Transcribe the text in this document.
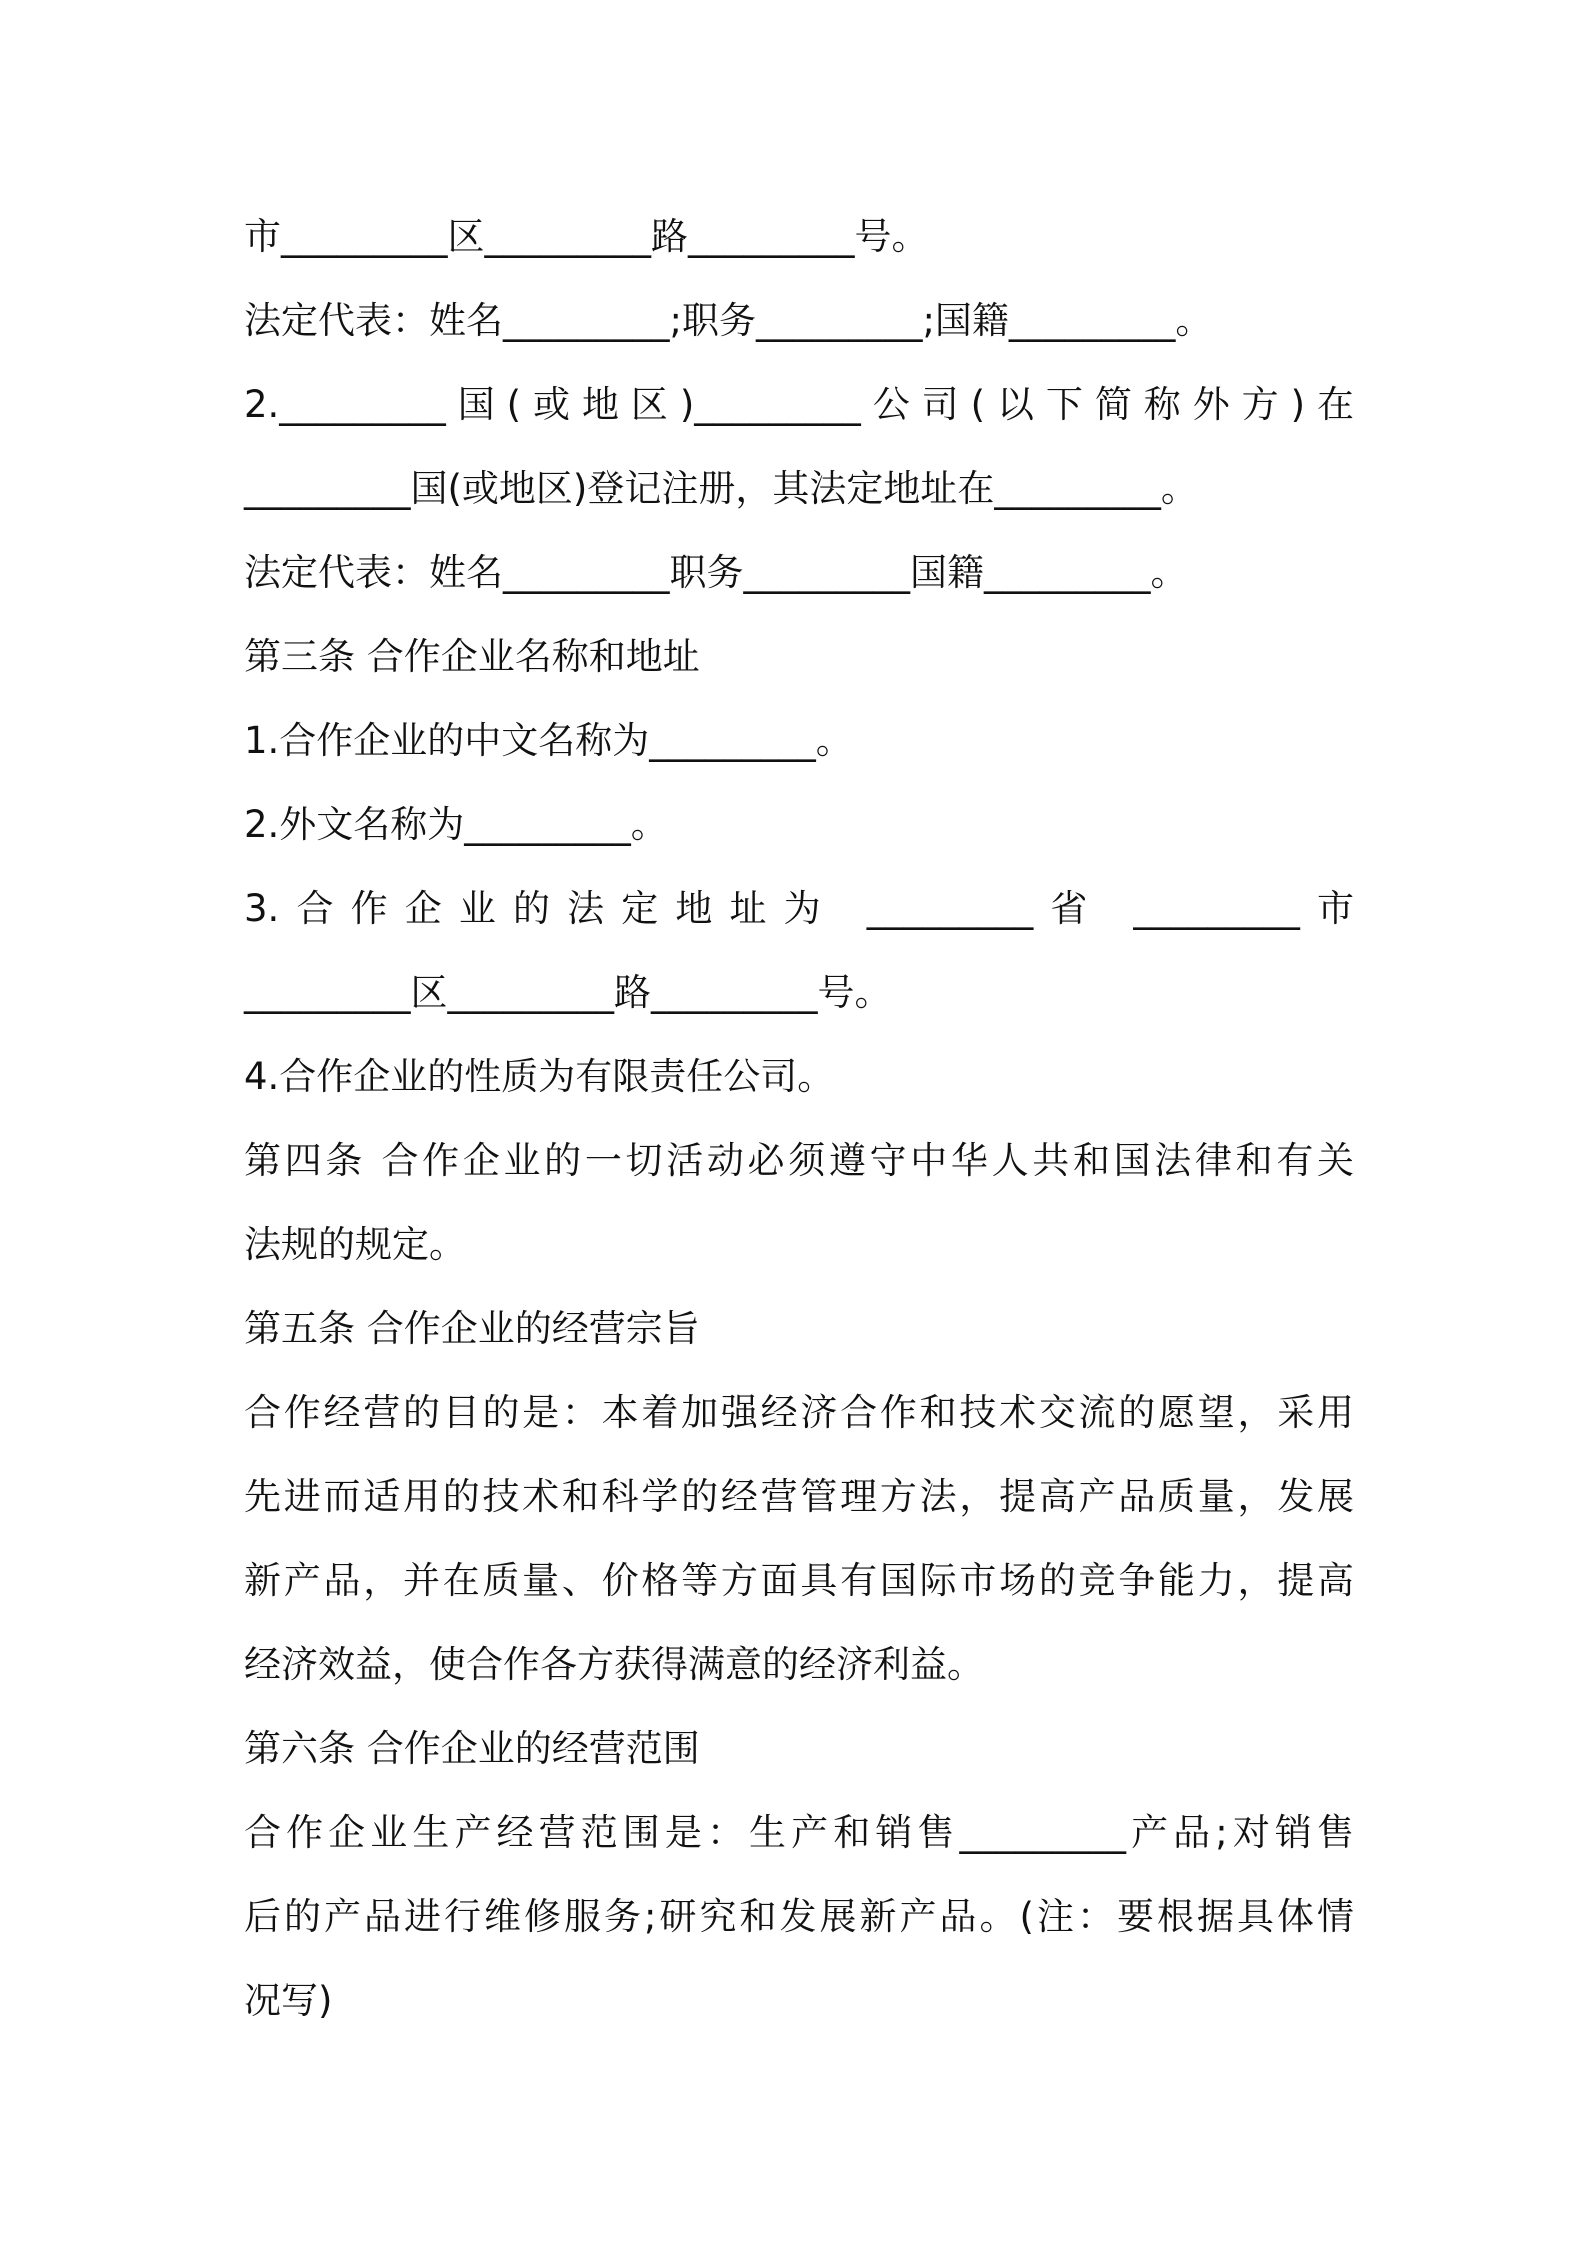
市_________区_________路_________号。
法定代表：姓名_________;职务_________;国籍_________。
2._________国(或地区)_________公司(以下简称外方)在
_________国(或地区)登记注册，其法定地址在_________。
法定代表：姓名_________职务_________国籍_________。
第三条 合作企业名称和地址
1.合作企业的中文名称为_________。
2.外文名称为_________。
3.合作企业的法定地址为 _________省 _________市
_________区_________路_________号。
4.合作企业的性质为有限责任公司。
第四条 合作企业的一切活动必须遵守中华人共和国法律和有关
法规的规定。
第五条 合作企业的经营宗旨
合作经营的目的是：本着加强经济合作和技术交流的愿望，采用
先进而适用的技术和科学的经营管理方法，提高产品质量，发展
新产品，并在质量、价格等方面具有国际市场的竞争能力，提高
经济效益，使合作各方获得满意的经济利益。
第六条 合作企业的经营范围
合作企业生产经营范围是：生产和销售_________产品;对销售
后的产品进行维修服务;研究和发展新产品。(注：要根据具体情
况写)
